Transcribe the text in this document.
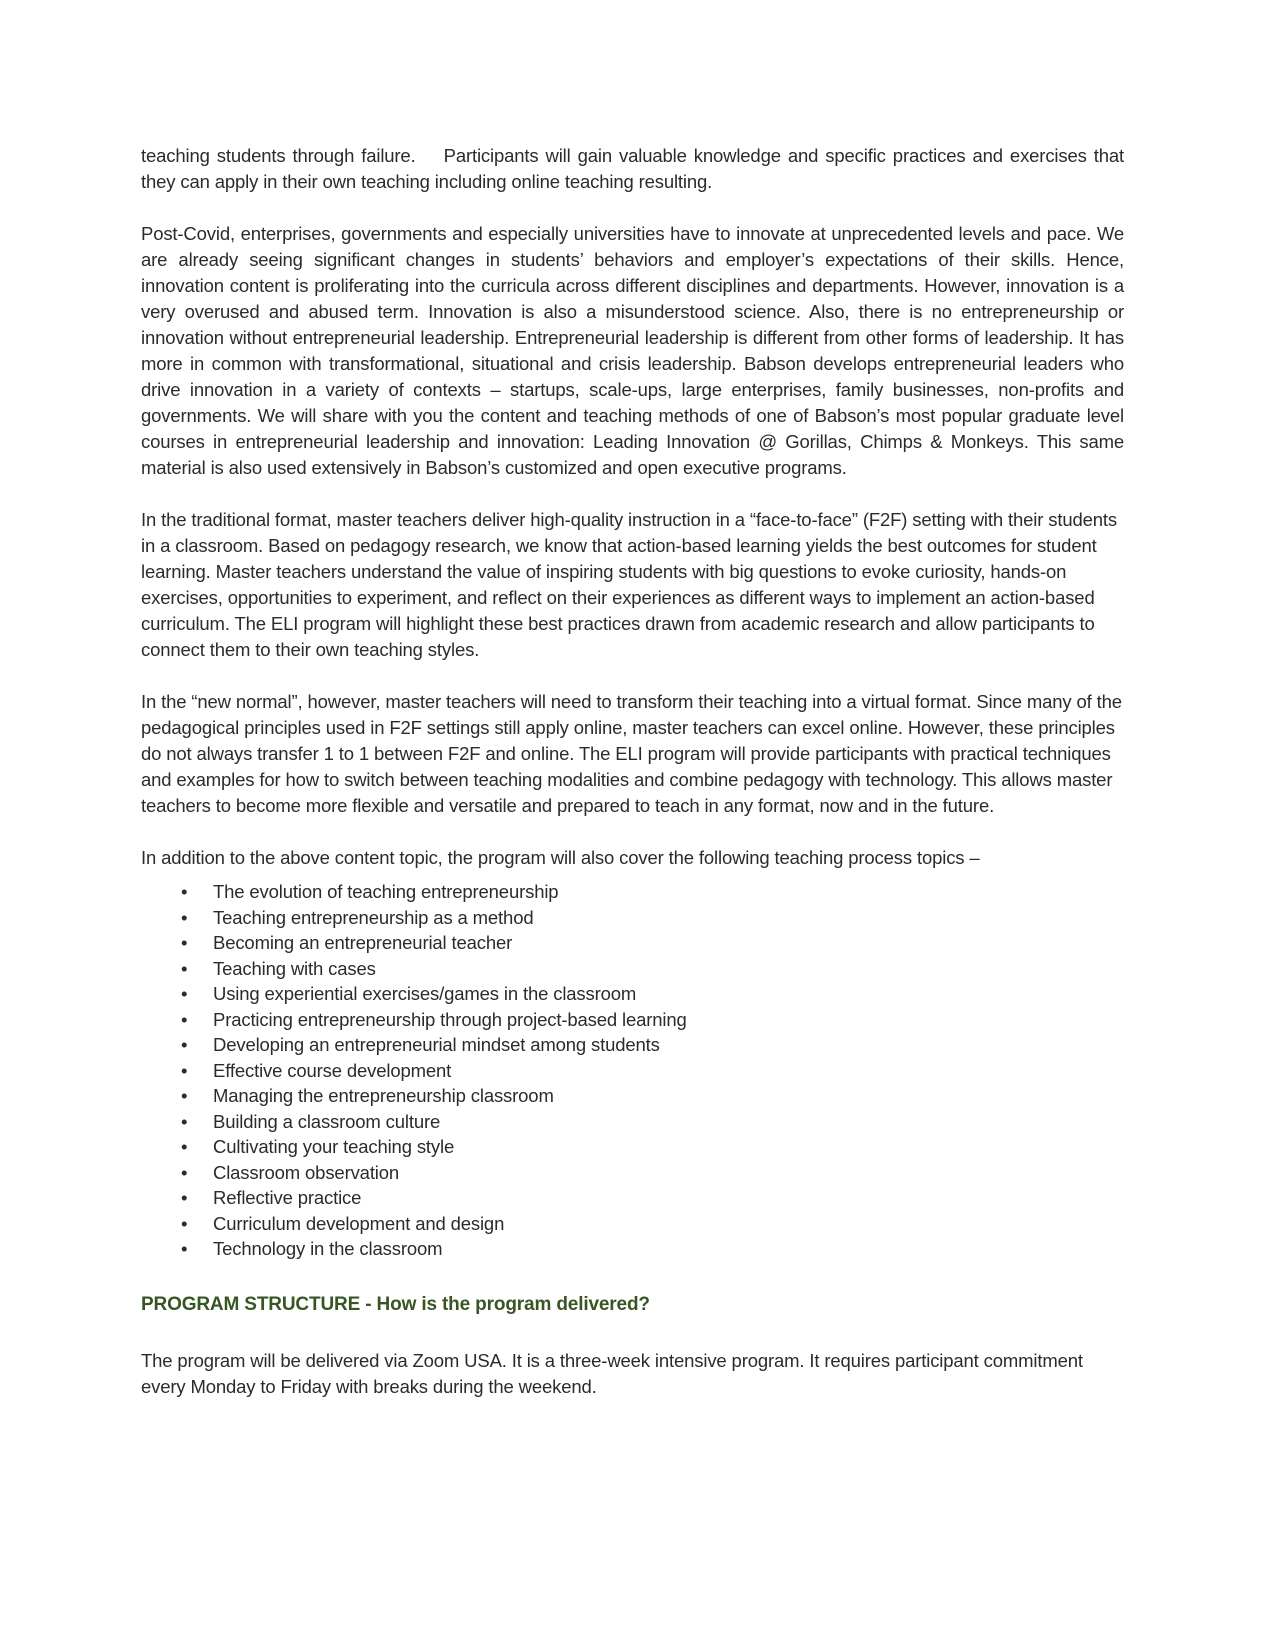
teaching students through failure.    Participants will gain valuable knowledge and specific practices and exercises that they can apply in their own teaching including online teaching resulting.

Post-Covid, enterprises, governments and especially universities have to innovate at unprecedented levels and pace. We are already seeing significant changes in students’ behaviors and employer’s expectations of their skills. Hence, innovation content is proliferating into the curricula across different disciplines and departments. However, innovation is a very overused and abused term. Innovation is also a misunderstood science. Also, there is no entrepreneurship or innovation without entrepreneurial leadership. Entrepreneurial leadership is different from other forms of leadership. It has more in common with transformational, situational and crisis leadership. Babson develops entrepreneurial leaders who drive innovation in a variety of contexts – startups, scale-ups, large enterprises, family businesses, non-profits and governments. We will share with you the content and teaching methods of one of Babson’s most popular graduate level courses in entrepreneurial leadership and innovation: Leading Innovation @ Gorillas, Chimps & Monkeys. This same material is also used extensively in Babson’s customized and open executive programs.

In the traditional format, master teachers deliver high-quality instruction in a “face-to-face” (F2F) setting with their students in a classroom. Based on pedagogy research, we know that action-based learning yields the best outcomes for student learning. Master teachers understand the value of inspiring students with big questions to evoke curiosity, hands-on exercises, opportunities to experiment, and reflect on their experiences as different ways to implement an action-based curriculum. The ELI program will highlight these best practices drawn from academic research and allow participants to connect them to their own teaching styles.

In the “new normal”, however, master teachers will need to transform their teaching into a virtual format. Since many of the pedagogical principles used in F2F settings still apply online, master teachers can excel online. However, these principles do not always transfer 1 to 1 between F2F and online. The ELI program will provide participants with practical techniques and examples for how to switch between teaching modalities and combine pedagogy with technology. This allows master teachers to become more flexible and versatile and prepared to teach in any format, now and in the future.

In addition to the above content topic, the program will also cover the following teaching process topics –

• The evolution of teaching entrepreneurship
• Teaching entrepreneurship as a method
• Becoming an entrepreneurial teacher
• Teaching with cases
• Using experiential exercises/games in the classroom
• Practicing entrepreneurship through project-based learning
• Developing an entrepreneurial mindset among students
• Effective course development
• Managing the entrepreneurship classroom
• Building a classroom culture
• Cultivating your teaching style
• Classroom observation
• Reflective practice
• Curriculum development and design
• Technology in the classroom
PROGRAM STRUCTURE - How is the program delivered?

The program will be delivered via Zoom USA. It is a three-week intensive program. It requires participant commitment every Monday to Friday with breaks during the weekend.
